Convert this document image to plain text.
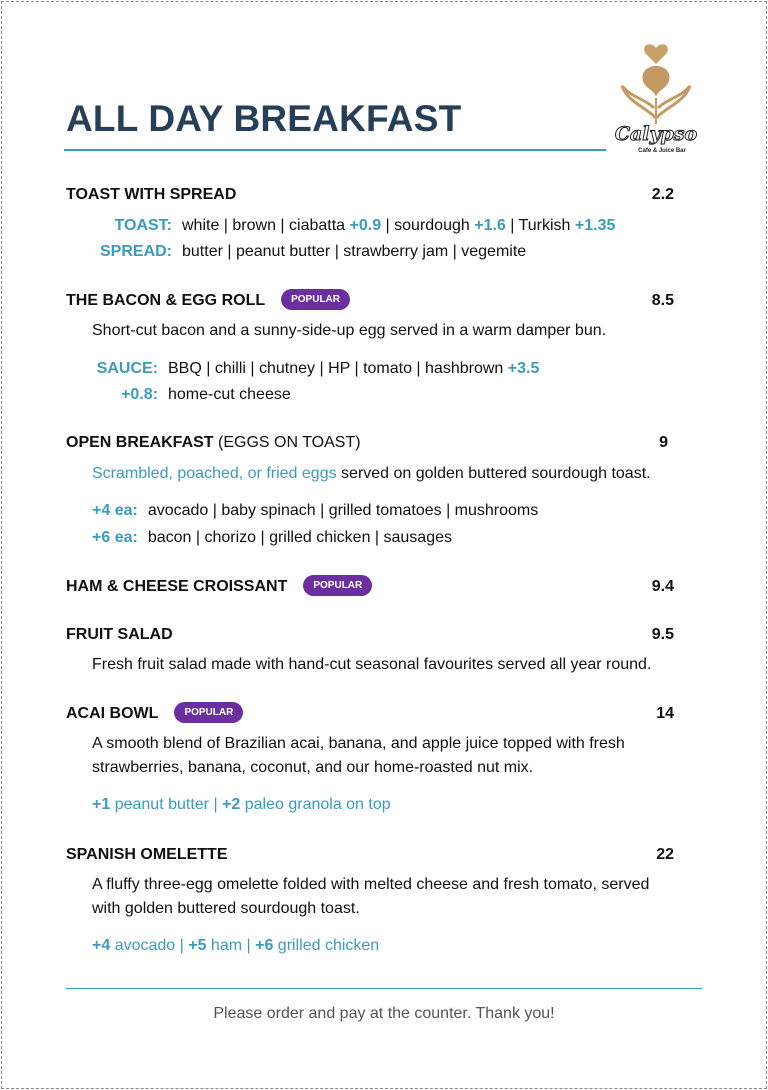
ALL DAY BREAKFAST	Calypso
Cafe & Juice Bar
TOAST WITH SPREAD	2.2
TOAST: white | brown | ciabatta +0.9 | sourdough +1.6 | Turkish +1.35
SPREAD: butter | peanut butter | strawberry jam | vegemite
THE BACON & EGG ROLL	POPULAR	8.5
Short-cut bacon and a sunny-side-up egg served in a warm damper bun.
SAUCE: BBQ | chilli | chutney | HP | tomato | hashbrown +3.5
+0.8: home-cut cheese
OPEN BREAKFAST (EGGS ON TOAST)	9
Scrambled, poached, or fried eggs served on golden buttered sourdough toast.
+4 ea: avocado | baby spinach | grilled tomatoes | mushrooms
+6 ea: bacon | chorizo | grilled chicken | sausages
HAM & CHEESE CROISSANT	POPULAR	9.4
FRUIT SALAD	9.5
Fresh fruit salad made with hand-cut seasonal favourites served all year round.
ACAI BOWL	POPULAR	14
A smooth blend of Brazilian acai, banana, and apple juice topped with fresh
strawberries, banana, coconut, and our home-roasted nut mix.
+1 peanut butter | +2 paleo granola on top
SPANISH OMELETTE	22
A fluffy three-egg omelette folded with melted cheese and fresh tomato, served
with golden buttered sourdough toast.
+4 avocado | +5 ham | +6 grilled chicken
Please order and pay at the counter. Thank you!
